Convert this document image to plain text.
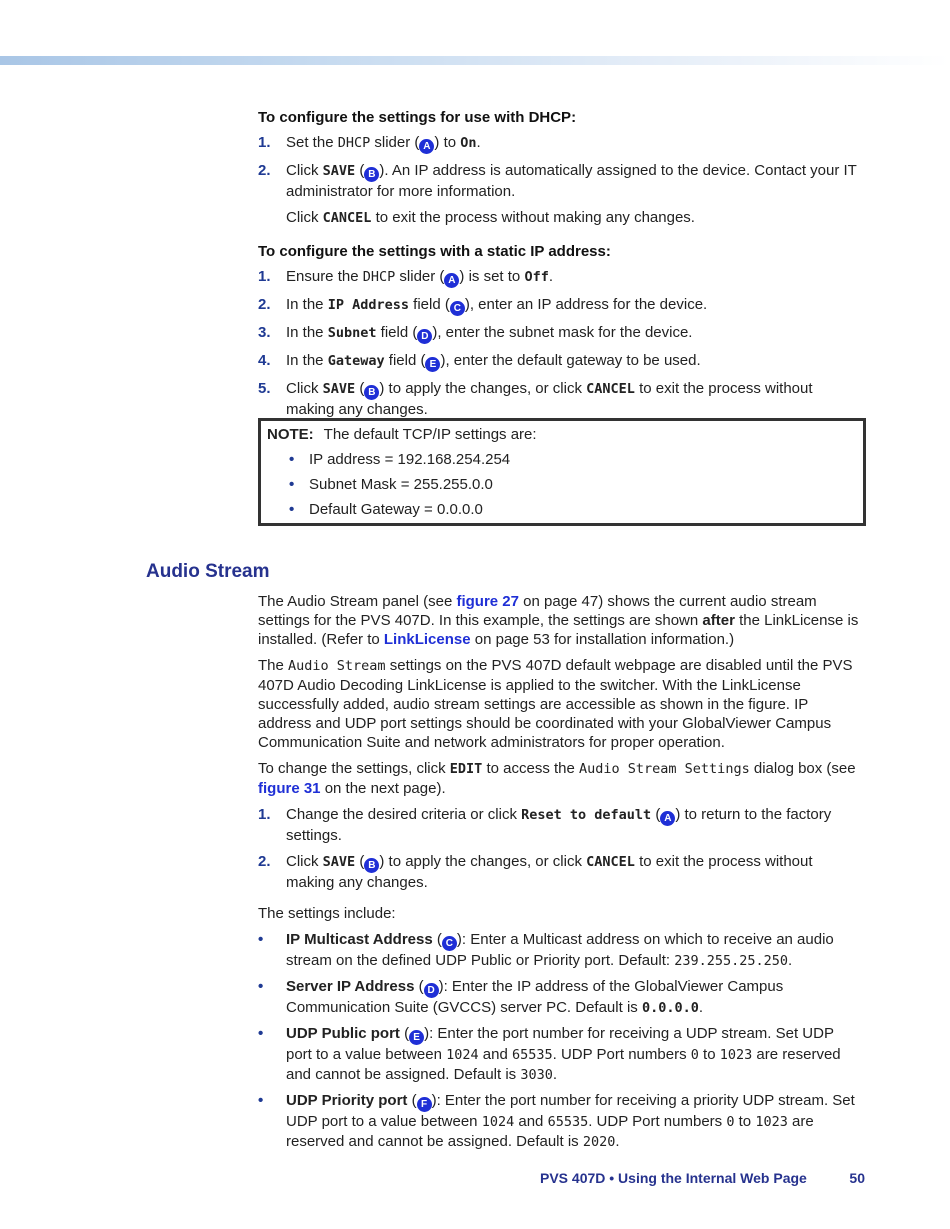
To configure the settings for use with DHCP:
1. Set the DHCP slider ( A ) to On.
2. Click SAVE ( B ). An IP address is automatically assigned to the device. Contact your IT administrator for more information.
Click CANCEL to exit the process without making any changes.
To configure the settings with a static IP address:
1. Ensure the DHCP slider ( A ) is set to Off.
2. In the IP Address field ( C ), enter an IP address for the device.
3. In the Subnet field ( D ), enter the subnet mask for the device.
4. In the Gateway field ( E ), enter the default gateway to be used.
5. Click SAVE ( B ) to apply the changes, or click CANCEL to exit the process without making any changes.
NOTE: The default TCP/IP settings are:
• IP address = 192.168.254.254
• Subnet Mask = 255.255.0.0
• Default Gateway = 0.0.0.0
Audio Stream
The Audio Stream panel (see figure 27 on page 47) shows the current audio stream settings for the PVS 407D. In this example, the settings are shown after the LinkLicense is installed. (Refer to LinkLicense on page 53 for installation information.)
The Audio Stream settings on the PVS 407D default webpage are disabled until the PVS 407D Audio Decoding LinkLicense is applied to the switcher. With the LinkLicense successfully added, audio stream settings are accessible as shown in the figure. IP address and UDP port settings should be coordinated with your GlobalViewer Campus Communication Suite and network administrators for proper operation.
To change the settings, click EDIT to access the Audio Stream Settings dialog box (see figure 31 on the next page).
1. Change the desired criteria or click Reset to default ( A ) to return to the factory settings.
2. Click SAVE ( B ) to apply the changes, or click CANCEL to exit the process without making any changes.
The settings include:
• IP Multicast Address ( C ): Enter a Multicast address on which to receive an audio stream on the defined UDP Public or Priority port. Default: 239.255.25.250.
• Server IP Address ( D ): Enter the IP address of the GlobalViewer Campus Communication Suite (GVCCS) server PC. Default is 0.0.0.0.
• UDP Public port ( E ): Enter the port number for receiving a UDP stream. Set UDP port to a value between 1024 and 65535. UDP Port numbers 0 to 1023 are reserved and cannot be assigned. Default is 3030.
• UDP Priority port ( F ): Enter the port number for receiving a priority UDP stream. Set UDP port to a value between 1024 and 65535. UDP Port numbers 0 to 1023 are reserved and cannot be assigned. Default is 2020.
PVS 407D • Using the Internal Web Page	50
